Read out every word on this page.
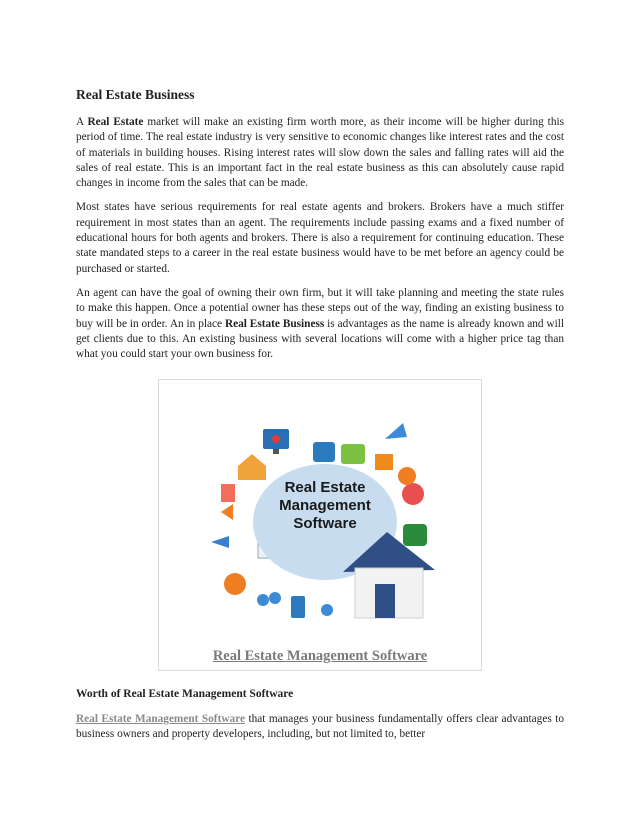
Real Estate Business

A Real Estate market will make an existing firm worth more, as their income will be higher during this period of time. The real estate industry is very sensitive to economic changes like interest rates and the cost of materials in building houses. Rising interest rates will slow down the sales and falling rates will aid the sales of real estate. This is an important fact in the real estate business as this can absolutely cause rapid changes in income from the sales that can be made.

Most states have serious requirements for real estate agents and brokers. Brokers have a much stiffer requirement in most states than an agent. The requirements include passing exams and a fixed number of educational hours for both agents and brokers. There is also a requirement for continuing education. These state mandated steps to a career in the real estate business would have to be met before an agency could be purchased or started.

An agent can have the goal of owning their own firm, but it will take planning and meeting the state rules to make this happen. Once a potential owner has these steps out of the way, finding an existing business to buy will be in order. An in place Real Estate Business is advantages as the name is already known and will get clients due to this. An existing business with several locations will come with a higher price tag than what you could start your own business for.

Real Estate
Management
Software
Real Estate Management Software
Worth of Real Estate Management Software

Real Estate Management Software that manages your business fundamentally offers clear advantages to business owners and property developers, including, but not limited to, better
